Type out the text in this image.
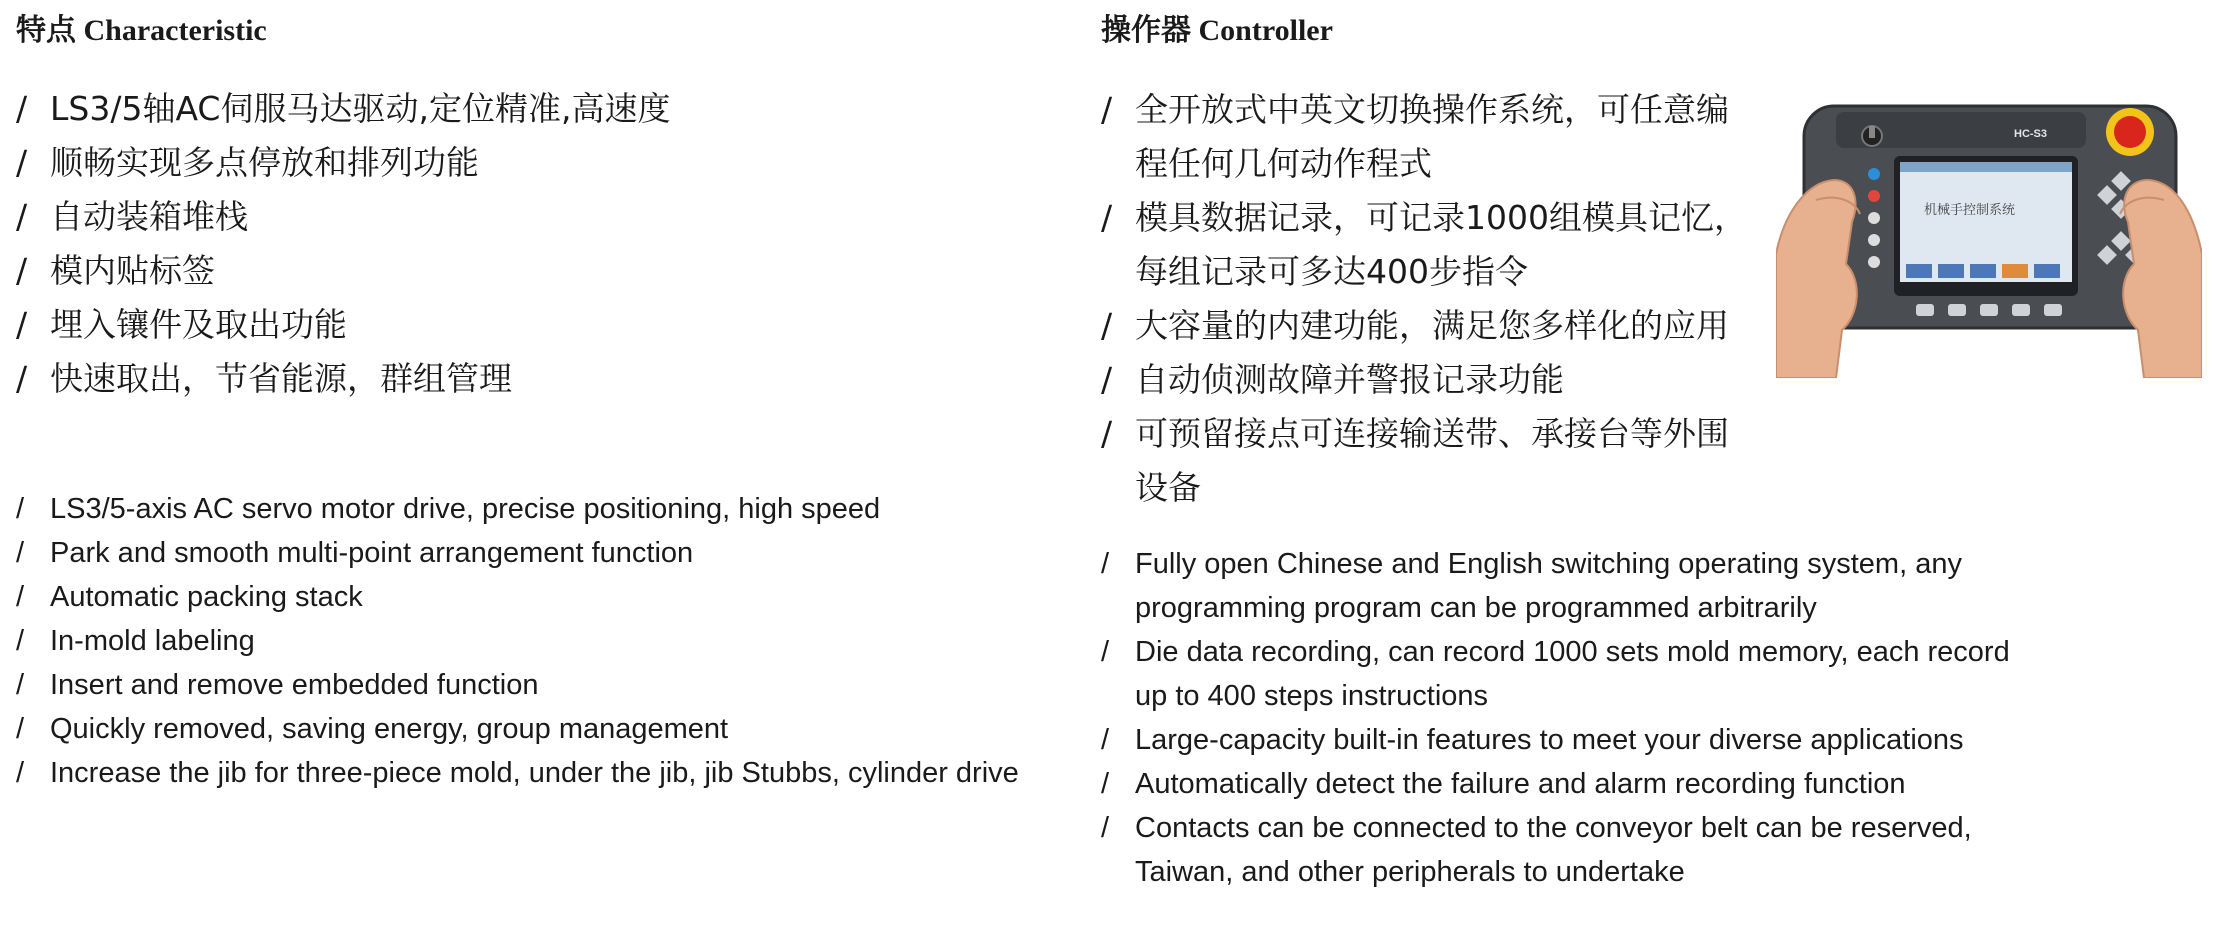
特点 Characteristic
/ LS3/5轴AC伺服马达驱动,定位精准,高速度
/ 顺畅实现多点停放和排列功能
/ 自动装箱堆栈
/ 模内贴标签
/ 埋入镶件及取出功能
/ 快速取出，节省能源，群组管理
/ LS3/5-axis AC servo motor drive, precise positioning, high speed
/ Park and smooth multi-point arrangement function
/ Automatic packing stack
/ In-mold labeling
/ Insert and remove embedded function
/ Quickly removed, saving energy, group management
/ Increase the jib for three-piece mold, under the jib, jib Stubbs, cylinder drive
操作器 Controller
/ 全开放式中英文切换操作系统，可任意编程任何几何动作程式
/ 模具数据记录，可记录1000组模具记忆，每组记录可多达400步指令
/ 大容量的内建功能，满足您多样化的应用
/ 自动侦测故障并警报记录功能
/ 可预留接点可连接输送带、承接台等外围设备
/ Fully open Chinese and English switching operating system, any programming program can be programmed arbitrarily
/ Die data recording, can record 1000 sets mold memory, each record up to 400 steps instructions
/ Large-capacity built-in features to meet your diverse applications
/ Automatically detect the failure and alarm recording function
/ Contacts can be connected to the conveyor belt can be reserved, Taiwan, and other peripherals to undertake
HC-S3
机械手控制系统
